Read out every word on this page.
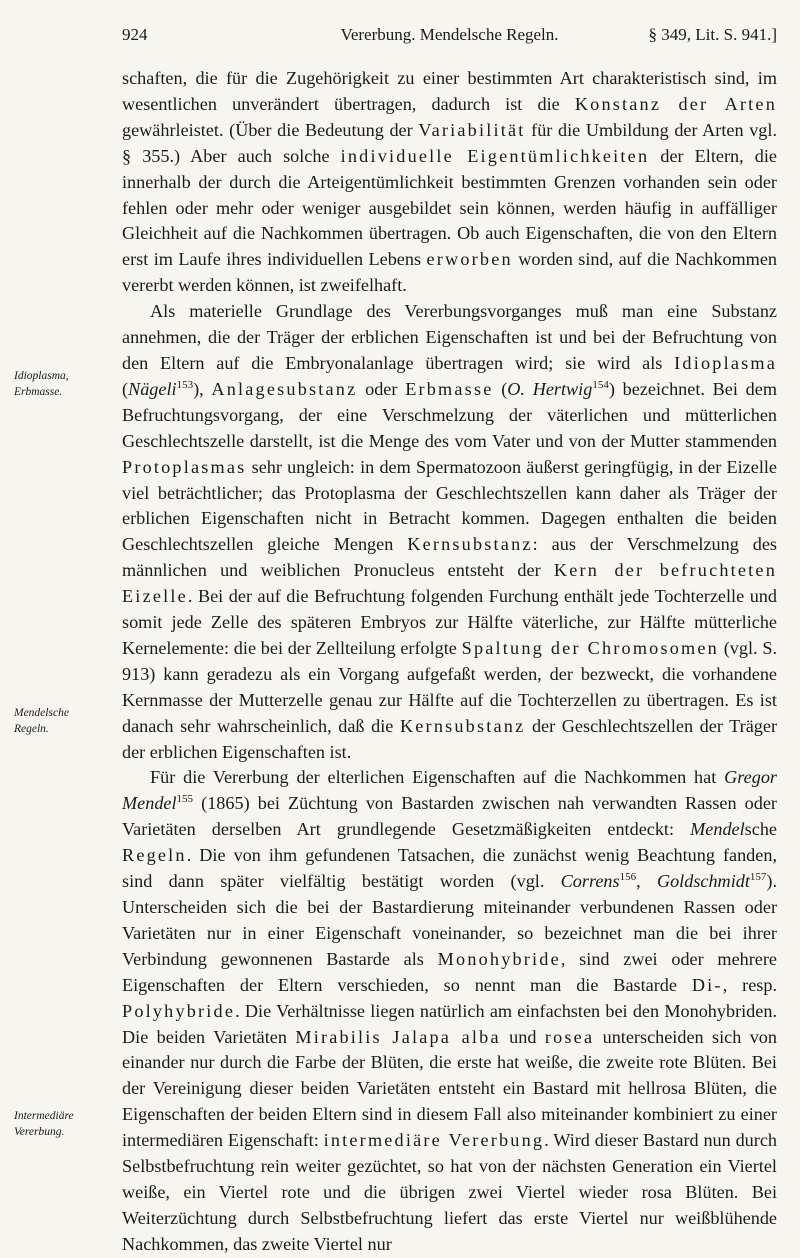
924	Vererbung. Mendelsche Regeln.	§ 349, Lit. S. 941.]
Idioplasma,
Erbmasse.
Mendelsche
Regeln.
Intermediäre
Vererbung.

schaften, die für die Zugehörigkeit zu einer bestimmten Art charakteristisch sind, im wesentlichen unverändert übertragen, dadurch ist die Konstanz der Arten gewährleistet. (Über die Bedeutung der Variabilität für die Umbildung der Arten vgl. § 355.) Aber auch solche individuelle Eigentümlichkeiten der Eltern, die innerhalb der durch die Arteigentümlichkeit bestimmten Grenzen vorhanden sein oder fehlen oder mehr oder weniger ausgebildet sein können, werden häufig in auffälliger Gleichheit auf die Nachkommen übertragen. Ob auch Eigenschaften, die von den Eltern erst im Laufe ihres individuellen Lebens erworben worden sind, auf die Nachkommen vererbt werden können, ist zweifelhaft.

Als materielle Grundlage des Vererbungsvorganges muß man eine Substanz annehmen, die der Träger der erblichen Eigenschaften ist und bei der Befruchtung von den Eltern auf die Embryonalanlage übertragen wird; sie wird als Idioplasma (Nägeli$^{153}$), Anlagesubstanz oder Erbmasse (O. Hertwig$^{154}$) bezeichnet. Bei dem Befruchtungsvorgang, der eine Verschmelzung der väterlichen und mütterlichen Geschlechtszelle darstellt, ist die Menge des vom Vater und von der Mutter stammenden Protoplasmas sehr ungleich: in dem Spermatozoon äußerst geringfügig, in der Eizelle viel beträchtlicher; das Protoplasma der Geschlechtszellen kann daher als Träger der erblichen Eigenschaften nicht in Betracht kommen. Dagegen enthalten die beiden Geschlechtszellen gleiche Mengen Kernsubstanz: aus der Verschmelzung des männlichen und weiblichen Pronucleus entsteht der Kern der befruchteten Eizelle. Bei der auf die Befruchtung folgenden Furchung enthält jede Tochterzelle und somit jede Zelle des späteren Embryos zur Hälfte väterliche, zur Hälfte mütterliche Kernelemente: die bei der Zellteilung erfolgte Spaltung der Chromosomen (vgl. S. 913) kann geradezu als ein Vorgang aufgefaßt werden, der bezweckt, die vorhandene Kernmasse der Mutterzelle genau zur Hälfte auf die Tochterzellen zu übertragen. Es ist danach sehr wahrscheinlich, daß die Kernsubstanz der Geschlechtszellen der Träger der erblichen Eigenschaften ist.

Für die Vererbung der elterlichen Eigenschaften auf die Nachkommen hat Gregor Mendel$^{155}$ (1865) bei Züchtung von Bastarden zwischen nah verwandten Rassen oder Varietäten derselben Art grundlegende Gesetzmäßigkeiten entdeckt: Mendelsche Regeln. Die von ihm gefundenen Tatsachen, die zunächst wenig Beachtung fanden, sind dann später vielfältig bestätigt worden (vgl. Correns$^{156}$, Goldschmidt$^{157}$). Unterscheiden sich die bei der Bastardierung miteinander verbundenen Rassen oder Varietäten nur in einer Eigenschaft voneinander, so bezeichnet man die bei ihrer Verbindung gewonnenen Bastarde als Monohybride, sind zwei oder mehrere Eigenschaften der Eltern verschieden, so nennt man die Bastarde Di-, resp. Polyhybride. Die Verhältnisse liegen natürlich am einfachsten bei den Monohybriden. Die beiden Varietäten Mirabilis Jalapa alba und rosea unterscheiden sich von einander nur durch die Farbe der Blüten, die erste hat weiße, die zweite rote Blüten. Bei der Vereinigung dieser beiden Varietäten entsteht ein Bastard mit hellrosa Blüten, die Eigenschaften der beiden Eltern sind in diesem Fall also miteinander kombiniert zu einer intermediären Eigenschaft: intermediäre Vererbung. Wird dieser Bastard nun durch Selbstbefruchtung rein weiter gezüchtet, so hat von der nächsten Generation ein Viertel weiße, ein Viertel rote und die übrigen zwei Viertel wieder rosa Blüten. Bei Weiterzüchtung durch Selbstbefruchtung liefert das erste Viertel nur weißblühende Nachkommen, das zweite Viertel nur
